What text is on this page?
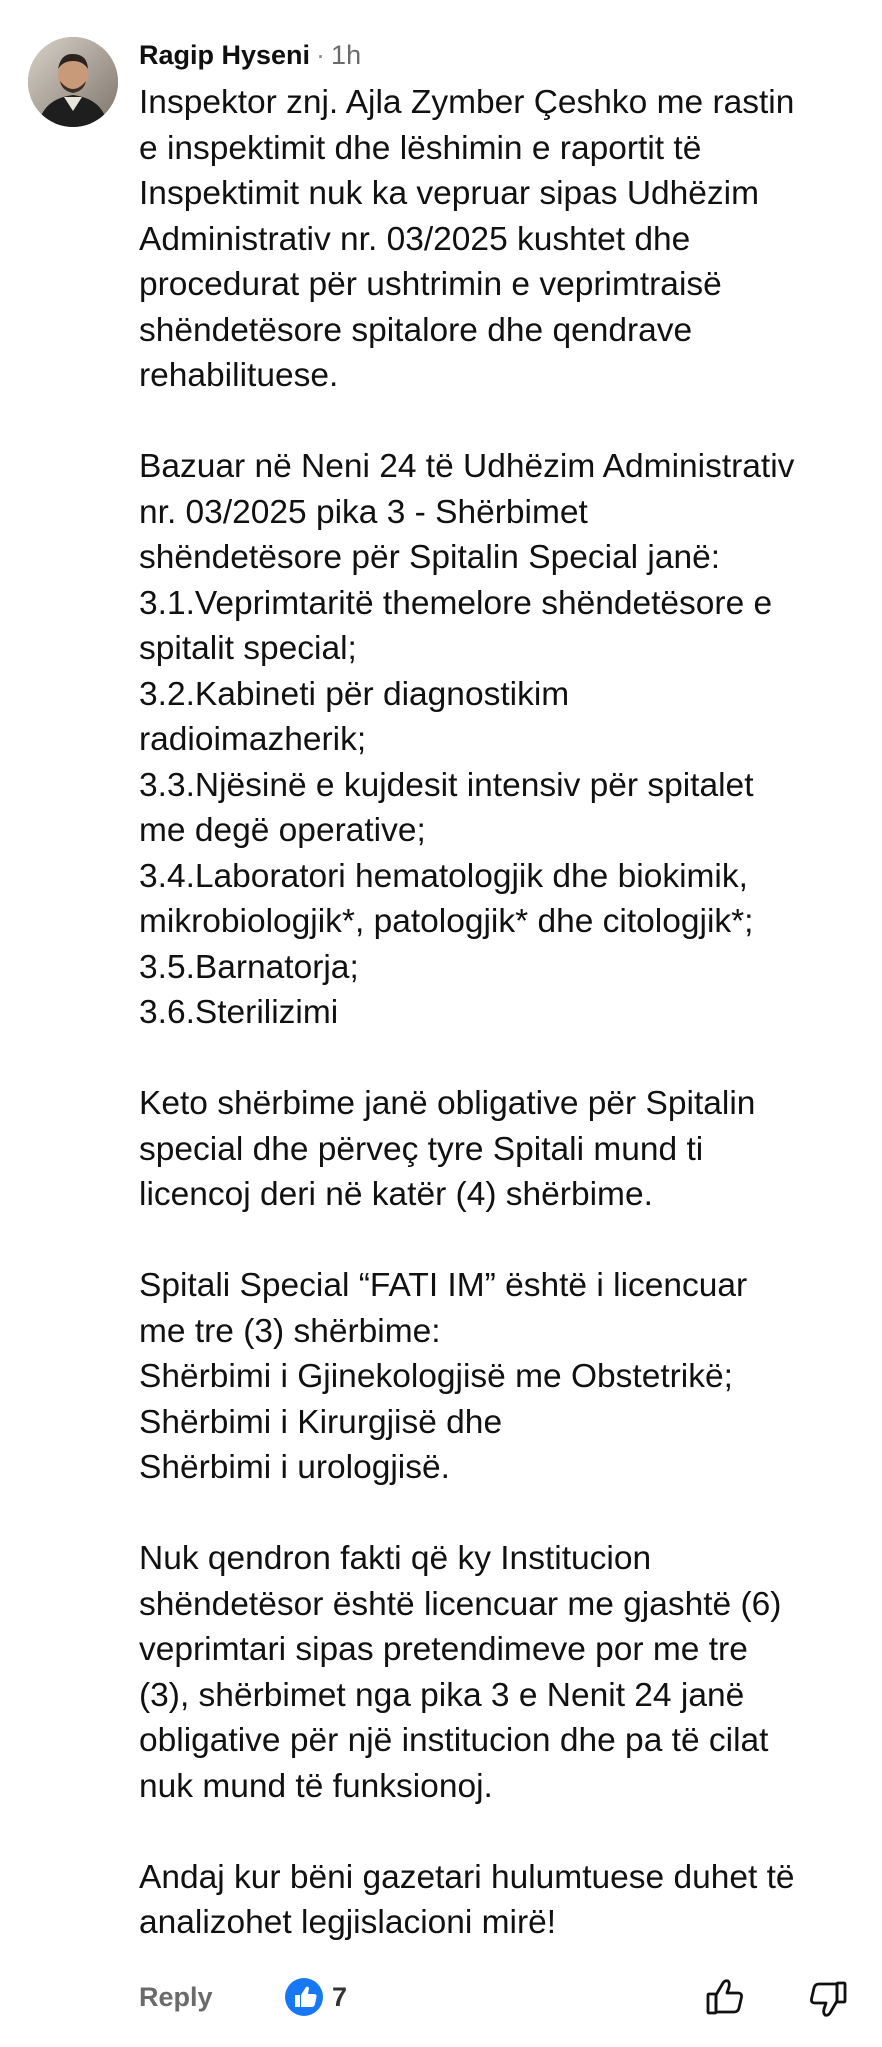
Ragip Hyseni · 1h
Inspektor znj. Ajla Zymber Çeshko me rastin
e inspektimit dhe lëshimin e raportit të
Inspektimit nuk ka vepruar sipas Udhëzim
Administrativ nr. 03/2025 kushtet dhe
procedurat për ushtrimin e veprimtraisë
shëndetësore spitalore dhe qendrave
rehabilituese.
Bazuar në Neni 24 të Udhëzim Administrativ
nr. 03/2025 pika 3 - Shërbimet
shëndetësore për Spitalin Special janë:
3.1.Veprimtaritë themelore shëndetësore e
spitalit special;
3.2.Kabineti për diagnostikim
radioimazherik;
3.3.Njësinë e kujdesit intensiv për spitalet
me degë operative;
3.4.Laboratori hematologjik dhe biokimik,
mikrobiologjik*, patologjik* dhe citologjik*;
3.5.Barnatorja;
3.6.Sterilizimi
Keto shërbime janë obligative për Spitalin
special dhe përveç tyre Spitali mund ti
licencoj deri në katër (4) shërbime.
Spitali Special “FATI IM” është i licencuar
me tre (3) shërbime:
Shërbimi i Gjinekologjisë me Obstetrikë;
Shërbimi i Kirurgjisë dhe
Shërbimi i urologjisë.
Nuk qendron fakti që ky Institucion
shëndetësor është licencuar me gjashtë (6)
veprimtari sipas pretendimeve por me tre
(3), shërbimet nga pika 3 e Nenit 24 janë
obligative për një institucion dhe pa të cilat
nuk mund të funksionoj.
Andaj kur bëni gazetari hulumtuese duhet të
analizohet legjislacioni mirë!
Reply	7
